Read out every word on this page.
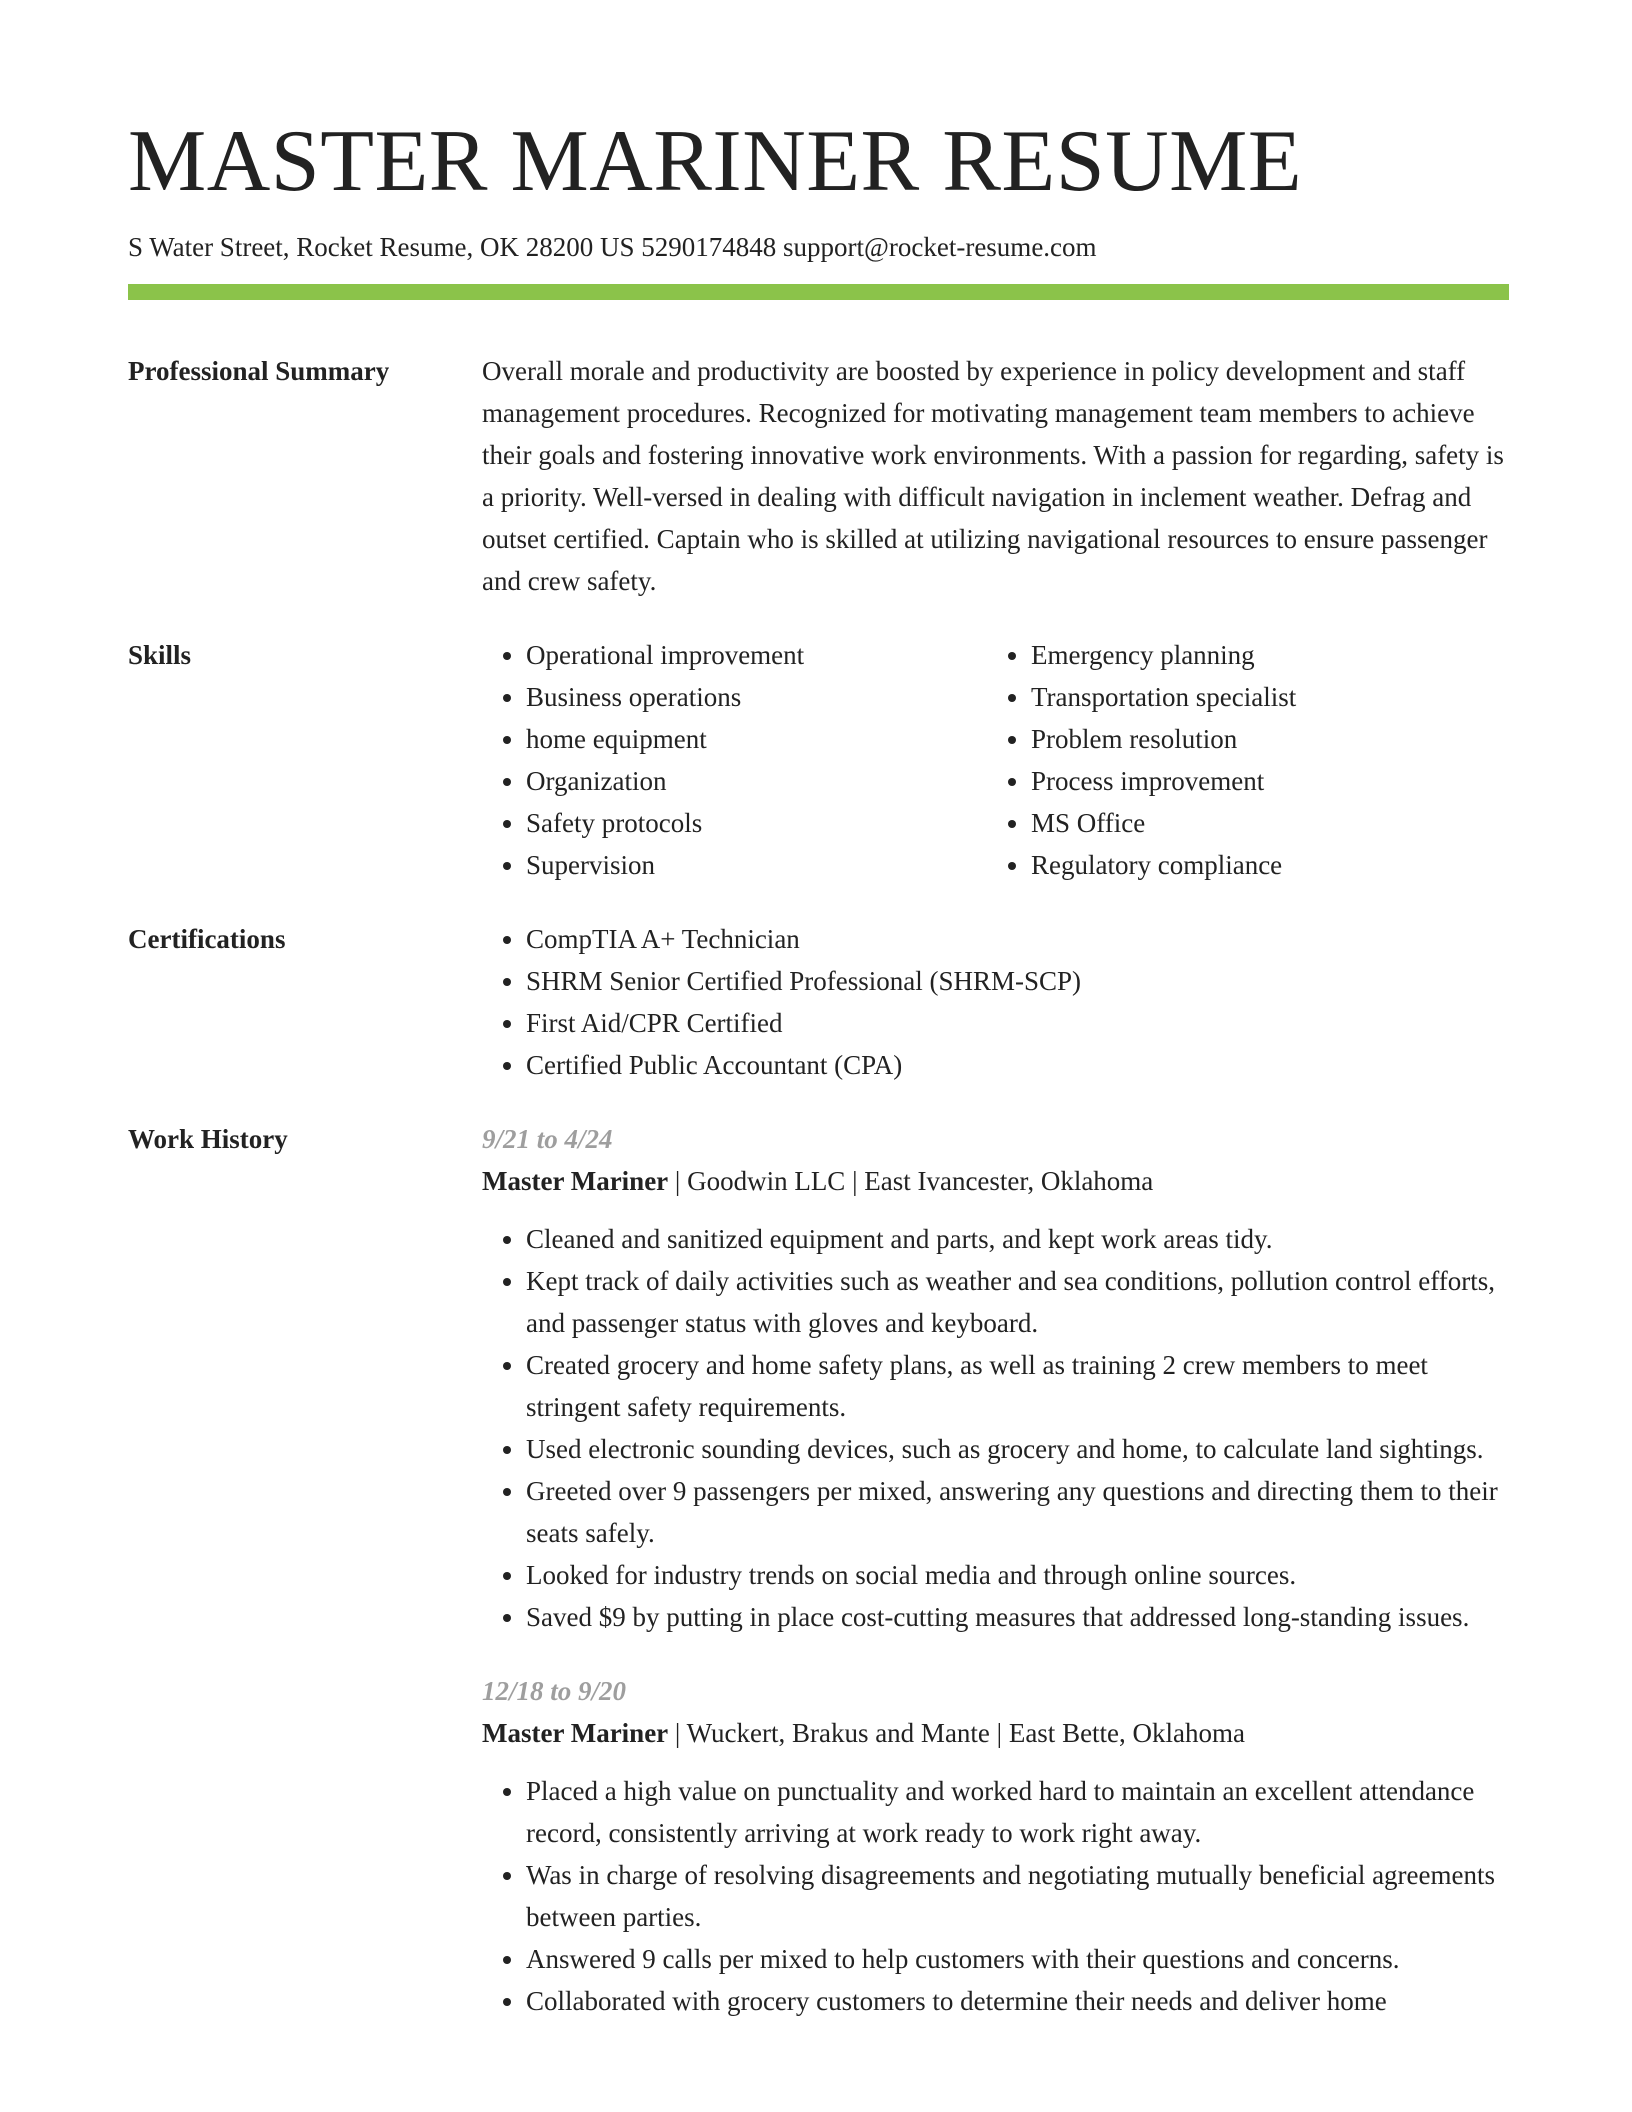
MASTER MARINER RESUME
S Water Street, Rocket Resume, OK 28200 US 5290174848 support@rocket-resume.com
Professional Summary	Overall morale and productivity are boosted by experience in policy development and staff management procedures. Recognized for motivating management team members to achieve their goals and fostering innovative work environments. With a passion for regarding, safety is a priority. Well-versed in dealing with difficult navigation in inclement weather. Defrag and outset certified. Captain who is skilled at utilizing navigational resources to ensure passenger and crew safety.
Skills	• Operational improvement
• Business operations
• home equipment
• Organization
• Safety protocols
• Supervision
• Emergency planning
• Transportation specialist
• Problem resolution
• Process improvement
• MS Office
• Regulatory compliance
Certifications	• CompTIA A+ Technician
• SHRM Senior Certified Professional (SHRM-SCP)
• First Aid/CPR Certified
• Certified Public Accountant (CPA)
Work History	9/21 to 4/24
Master Mariner | Goodwin LLC | East Ivancester, Oklahoma
• Cleaned and sanitized equipment and parts, and kept work areas tidy.
• Kept track of daily activities such as weather and sea conditions, pollution control efforts, and passenger status with gloves and keyboard.
• Created grocery and home safety plans, as well as training 2 crew members to meet stringent safety requirements.
• Used electronic sounding devices, such as grocery and home, to calculate land sightings.
• Greeted over 9 passengers per mixed, answering any questions and directing them to their seats safely.
• Looked for industry trends on social media and through online sources.
• Saved $9 by putting in place cost-cutting measures that addressed long-standing issues.
12/18 to 9/20
Master Mariner | Wuckert, Brakus and Mante | East Bette, Oklahoma
• Placed a high value on punctuality and worked hard to maintain an excellent attendance record, consistently arriving at work ready to work right away.
• Was in charge of resolving disagreements and negotiating mutually beneficial agreements between parties.
• Answered 9 calls per mixed to help customers with their questions and concerns.
• Collaborated with grocery customers to determine their needs and deliver home
